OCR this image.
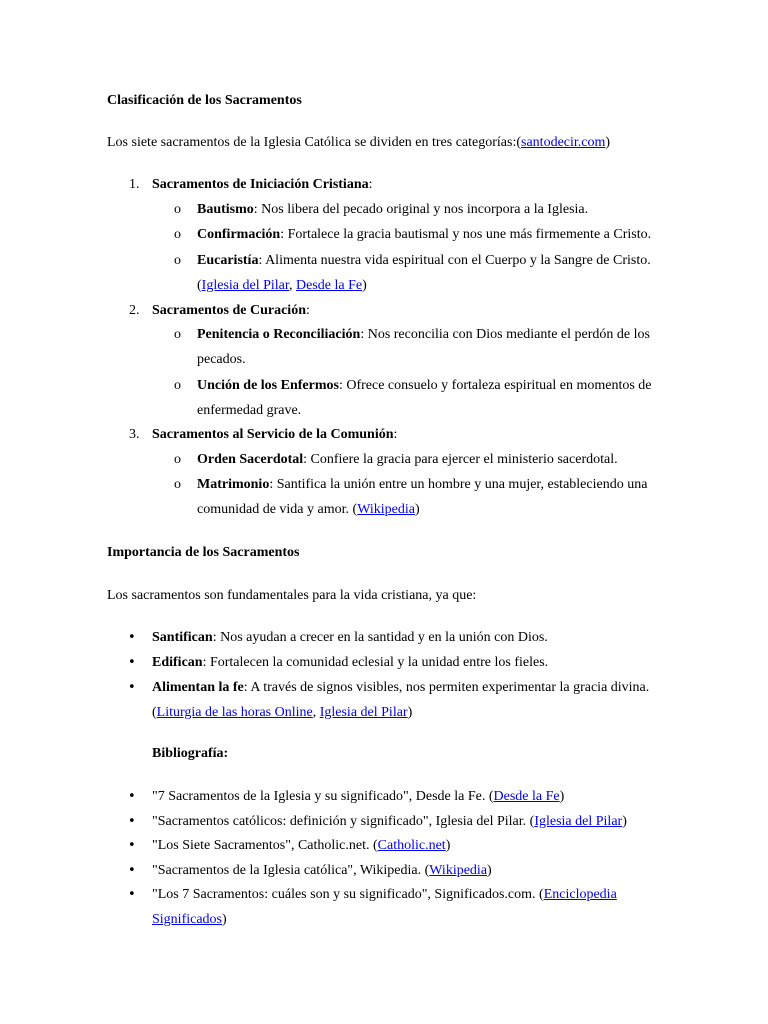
Clasificación de los Sacramentos

Los siete sacramentos de la Iglesia Católica se dividen en tres categorías:(santodecir.com)

1. Sacramentos de Iniciación Cristiana:
o Bautismo: Nos libera del pecado original y nos incorpora a la Iglesia.
o Confirmación: Fortalece la gracia bautismal y nos une más firmemente a Cristo.
o Eucaristía: Alimenta nuestra vida espiritual con el Cuerpo y la Sangre de Cristo.
(Iglesia del Pilar, Desde la Fe)
2. Sacramentos de Curación:
o Penitencia o Reconciliación: Nos reconcilia con Dios mediante el perdón de los pecados.
o Unción de los Enfermos: Ofrece consuelo y fortaleza espiritual en momentos de enfermedad grave.
3. Sacramentos al Servicio de la Comunión:
o Orden Sacerdotal: Confiere la gracia para ejercer el ministerio sacerdotal.
o Matrimonio: Santifica la unión entre un hombre y una mujer, estableciendo una comunidad de vida y amor. (Wikipedia)

Importancia de los Sacramentos

Los sacramentos son fundamentales para la vida cristiana, ya que:

• Santifican: Nos ayudan a crecer en la santidad y en la unión con Dios.
• Edifican: Fortalecen la comunidad eclesial y la unidad entre los fieles.
• Alimentan la fe: A través de signos visibles, nos permiten experimentar la gracia divina.
(Liturgia de las horas Online, Iglesia del Pilar)

Bibliografía:

• "7 Sacramentos de la Iglesia y su significado", Desde la Fe. (Desde la Fe)
• "Sacramentos católicos: definición y significado", Iglesia del Pilar. (Iglesia del Pilar)
• "Los Siete Sacramentos", Catholic.net. (Catholic.net)
• "Sacramentos de la Iglesia católica", Wikipedia. (Wikipedia)
• "Los 7 Sacramentos: cuáles son y su significado", Significados.com. (Enciclopedia Significados)
